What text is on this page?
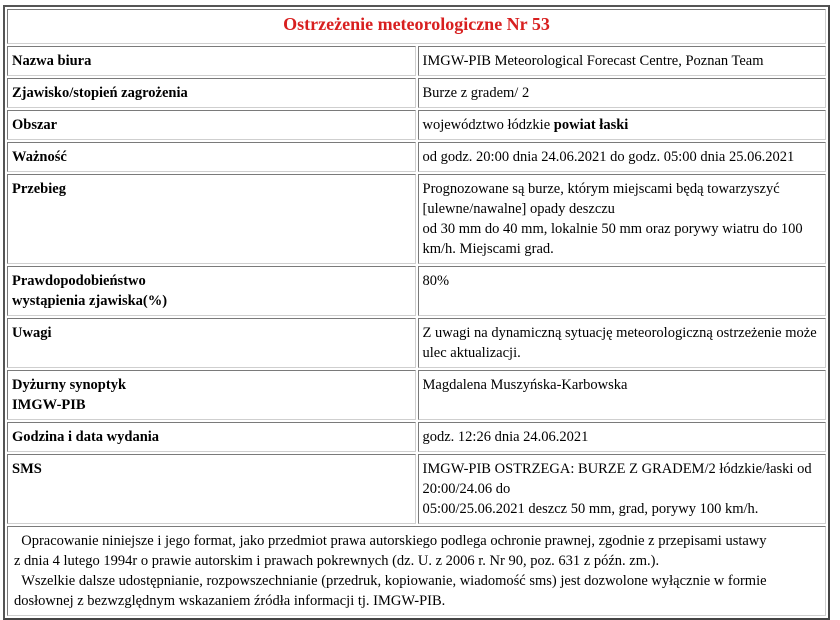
Ostrzeżenie meteorologiczne Nr 53	
Nazwa biura	IMGW-PIB Meteorological Forecast Centre, Poznan Team
Zjawisko/stopień zagrożenia	Burze z gradem/ 2
Obszar	województwo łódzkie powiat łaski
Ważność	od godz. 20:00 dnia 24.06.2021 do godz. 05:00 dnia 25.06.2021
Przebieg	Prognozowane są burze, którym miejscami będą towarzyszyć [ulewne/nawalne] opady deszczu
od 30 mm do 40 mm, lokalnie 50 mm oraz porywy wiatru do 100 km/h. Miejscami grad.
Prawdopodobieństwo
wystąpienia zjawiska(%)	80%
Uwagi	Z uwagi na dynamiczną sytuację meteorologiczną ostrzeżenie może ulec aktualizacji.
Dyżurny synoptyk
IMGW-PIB	Magdalena Muszyńska-Karbowska
Godzina i data wydania	godz. 12:26 dnia 24.06.2021
SMS	IMGW-PIB OSTRZEGA: BURZE Z GRADEM/2 łódzkie/łaski od 20:00/24.06 do
05:00/25.06.2021 deszcz 50 mm, grad, porywy 100 km/h.
Opracowanie niniejsze i jego format, jako przedmiot prawa autorskiego podlega ochronie prawnej, zgodnie z przepisami ustawy
z dnia 4 lutego 1994r o prawie autorskim i prawach pokrewnych (dz. U. z 2006 r. Nr 90, poz. 631 z późn. zm.).
Wszelkie dalsze udostępnianie, rozpowszechnianie (przedruk, kopiowanie, wiadomość sms) jest dozwolone wyłącznie w formie
dosłownej z bezwzględnym wskazaniem źródła informacji tj. IMGW-PIB.	
